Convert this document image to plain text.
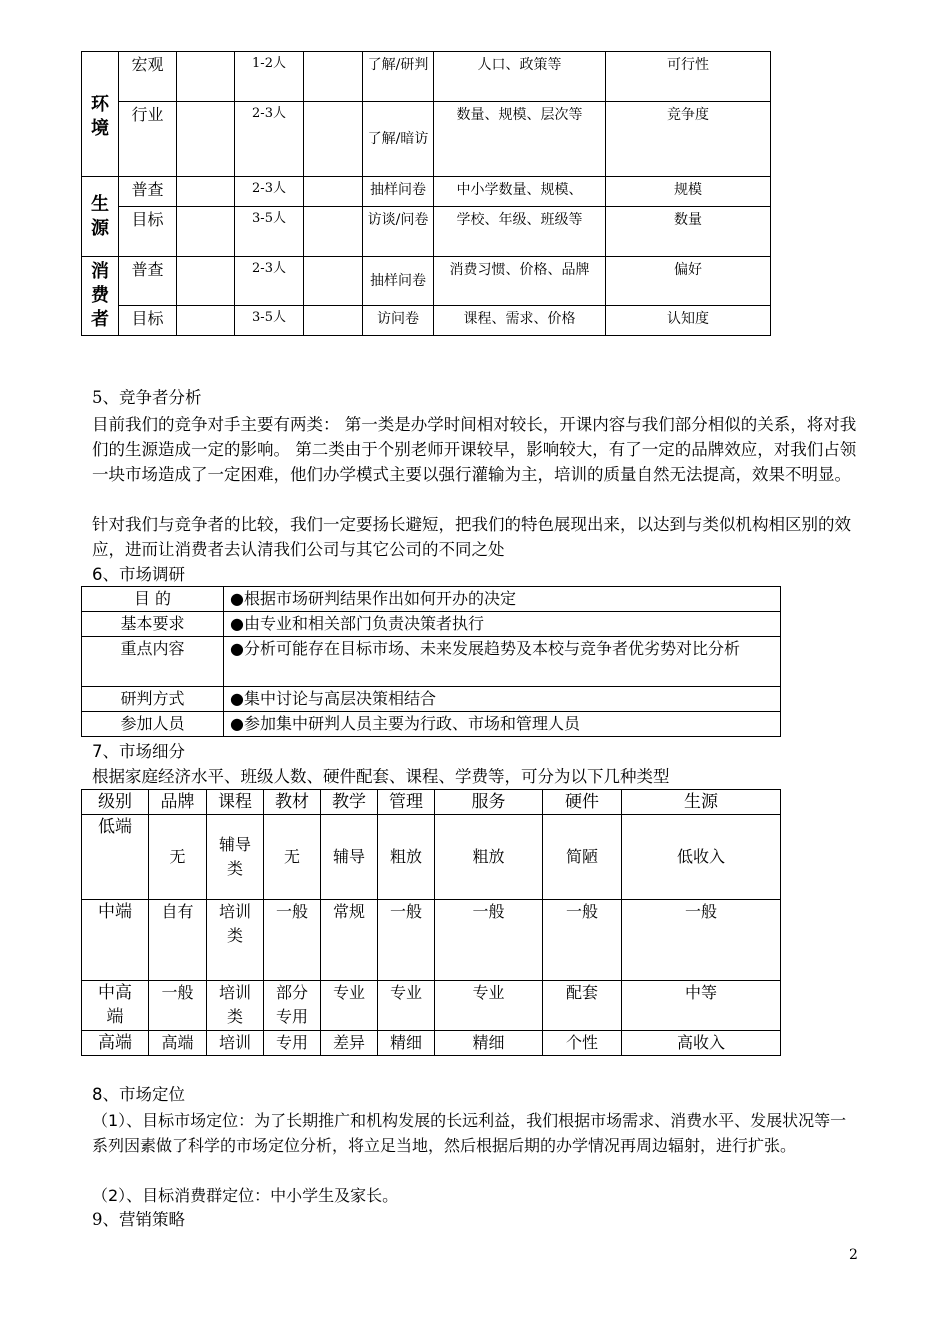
环境	宏观		1-2人		了解/研判	人口、政策等	可行性
	行业		2-3人		了解/暗访	数量、规模、层次等	竞争度

生源	普查		2-3人		抽样问卷	中小学数量、规模、	规模
	目标		3-5人		访谈/问卷	学校、年级、班级等	数量

消费者	普查		2-3人		抽样问卷	消费习惯、价格、品牌	偏好
	目标		3-5人		访问卷	课程、需求、价格	认知度
5、竞争者分析
目前我们的竞争对手主要有两类： 第一类是办学时间相对较长，开课内容与我们部分相似的关系，将对我们的生源造成一定的影响。 第二类由于个别老师开课较早，影响较大，有了一定的品牌效应，对我们占领一块市场造成了一定困难，他们办学模式主要以强行灌输为主，培训的质量自然无法提高，效果不明显。
针对我们与竞争者的比较，我们一定要扬长避短，把我们的特色展现出来，以达到与类似机构相区别的效应，进而让消费者去认清我们公司与其它公司的不同之处
6、市场调研
目 的	●根据市场研判结果作出如何开办的决定
基本要求	●由专业和相关部门负责决策者执行
重点内容	●分析可能存在目标市场、未来发展趋势及本校与竞争者优劣势对比分析
研判方式	●集中讨论与高层决策相结合
参加人员	●参加集中研判人员主要为行政、市场和管理人员
7、市场细分
根据家庭经济水平、班级人数、硬件配套、课程、学费等，可分为以下几种类型
级别	品牌	课程	教材	教学	管理	服务	硬件	生源
低端	无	辅导类	无	辅导	粗放	粗放	简陋	低收入
中端	自有	培训类	一般	常规	一般	一般	一般	一般

中高端	一般	培训类	部分专用	专业	专业	专业	配套	中等
高端	高端	培训	专用	差异	精细	精细	个性	高收入
8、市场定位
（1）、目标市场定位：为了长期推广和机构发展的长远利益，我们根据市场需求、消费水平、发展状况等一系列因素做了科学的市场定位分析，将立足当地，然后根据后期的办学情况再周边辐射，进行扩张。
（2）、目标消费群定位：中小学生及家长。
9、营销策略
2
